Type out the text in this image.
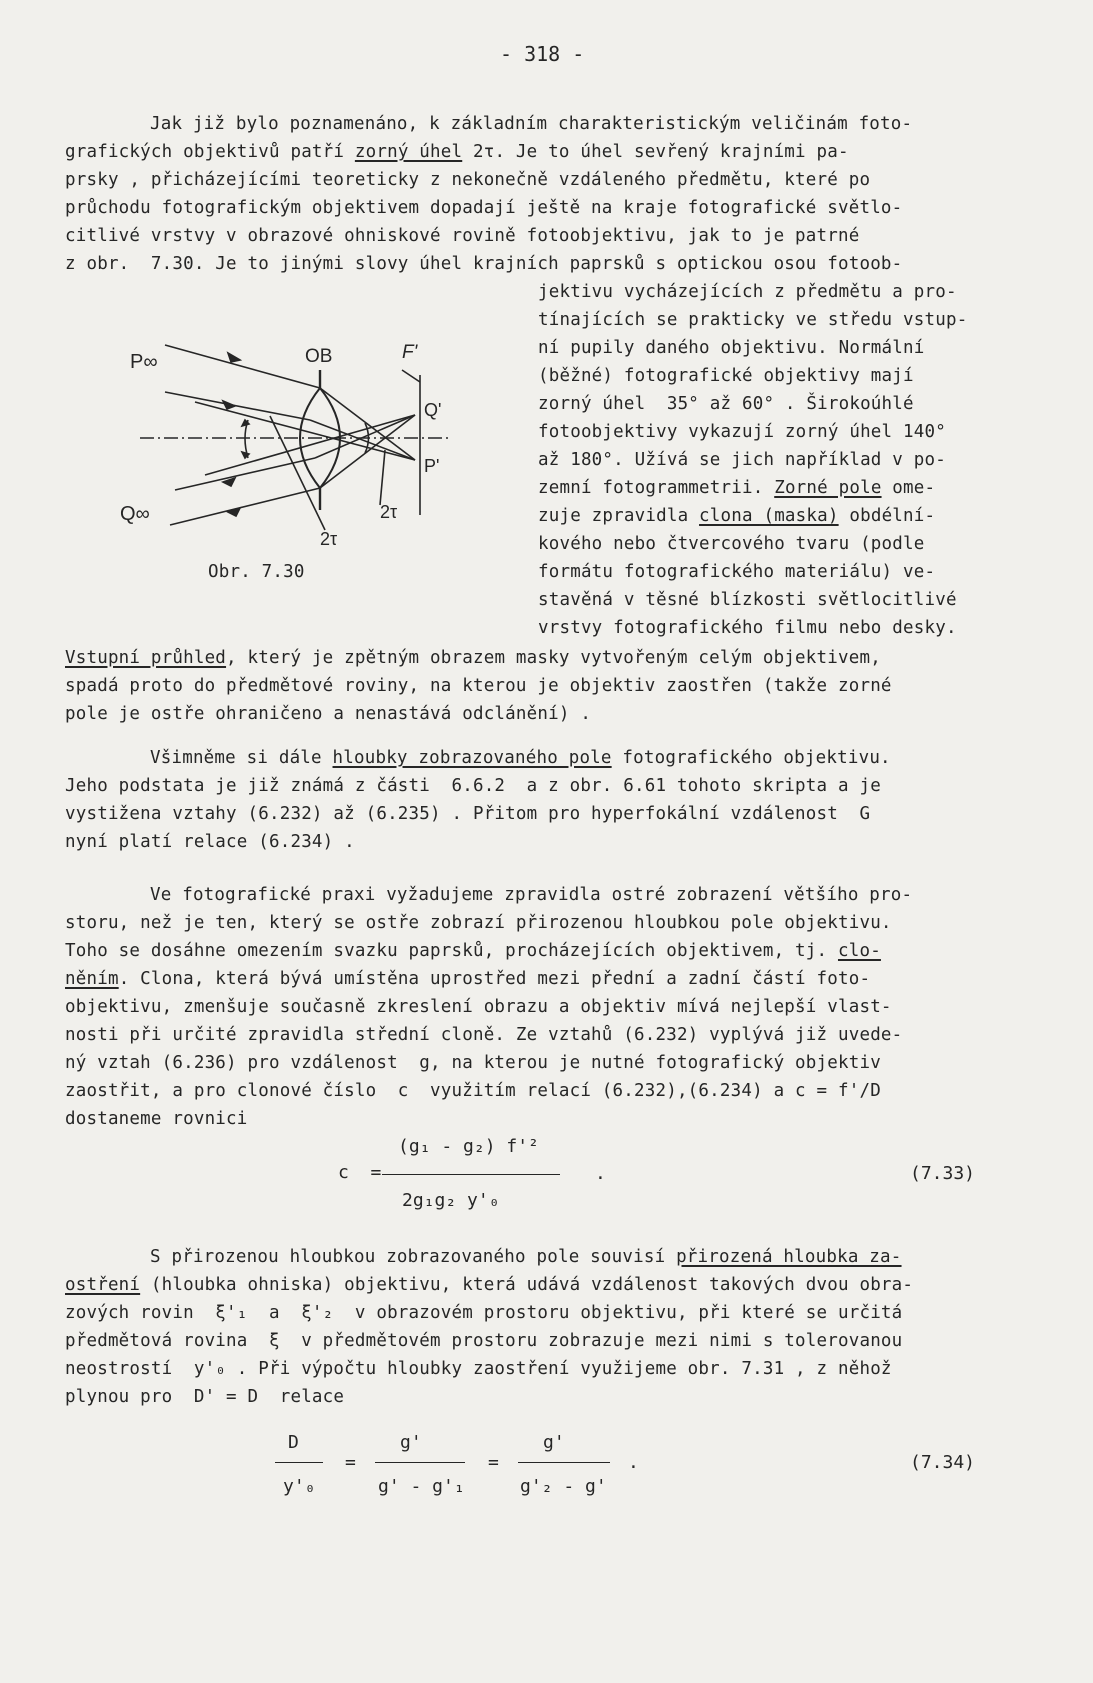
- 318 -
Jak již bylo poznamenáno, k základním charakteristickým veličinám foto-
grafických objektivů patří zorný úhel 2τ. Je to úhel sevřený krajními pa-
prsky , přicházejícími teoreticky z nekonečně vzdáleného předmětu, které po
průchodu fotografickým objektivem dopadají ještě na kraje fotografické světlo-
citlivé vrstvy v obrazové ohniskové rovině fotoobjektivu, jak to je patrné
z obr.  7.30. Je to jinými slovy úhel krajních paprsků s optickou osou fotoob-
jektivu vycházejících z předmětu a pro-
tínajících se prakticky ve středu vstup-
ní pupily daného objektivu. Normální
(běžné) fotografické objektivy mají
zorný úhel  35° až 60° . Širokoúhlé
fotoobjektivy vykazují zorný úhel 140°
až 180°. Užívá se jich například v po-
zemní fotogrammetrii. Zorné pole ome-
zuje zpravidla clona (maska) obdélní-
kového nebo čtvercového tvaru (podle
formátu fotografického materiálu) ve-
stavěná v těsné blízkosti světlocitlivé
vrstvy fotografického filmu nebo desky.
P∞
Q∞
OB	F'
Q'
P'
2τ
2τ
Obr. 7.30
Vstupní průhled, který je zpětným obrazem masky vytvořeným celým objektivem,
spadá proto do předmětové roviny, na kterou je objektiv zaostřen (takže zorné
pole je ostře ohraničeno a nenastává odclánění) .
Všimněme si dále hloubky zobrazovaného pole fotografického objektivu.
Jeho podstata je již známá z části  6.6.2  a z obr. 6.61 tohoto skripta a je
vystižena vztahy (6.232) až (6.235) . Přitom pro hyperfokální vzdálenost  G
nyní platí relace (6.234) .
Ve fotografické praxi vyžadujeme zpravidla ostré zobrazení většího pro-
storu, než je ten, který se ostře zobrazí přirozenou hloubkou pole objektivu.
Toho se dosáhne omezením svazku paprsků, procházejících objektivem, tj. clo-
něním. Clona, která bývá umístěna uprostřed mezi přední a zadní částí foto-
objektivu, zmenšuje současně zkreslení obrazu a objektiv mívá nejlepší vlast-
nosti při určité zpravidla střední cloně. Ze vztahů (6.232) vyplývá již uvede-
ný vztah (6.236) pro vzdálenost  g, na kterou je nutné fotografický objektiv
zaostřit, a pro clonové číslo  c  využitím relací (6.232),(6.234) a c = f'/D
dostaneme rovnici
c  =
(g₁ - g₂) f'²
2g₁g₂ y'₀
.	(7.33)
S přirozenou hloubkou zobrazovaného pole souvisí přirozená hloubka za-
ostření (hloubka ohniska) objektivu, která udává vzdálenost takových dvou obra-
zových rovin  ξ'₁  a  ξ'₂  v obrazovém prostoru objektivu, při které se určitá
předmětová rovina  ξ  v předmětovém prostoru zobrazuje mezi nimi s tolerovanou
neostrostí  y'₀ . Při výpočtu hloubky zaostření využijeme obr. 7.31 , z něhož
plynou pro  D' = D  relace
D
y'₀
=
g'
g' - g'₁
=
g'
g'₂ - g'
.	(7.34)
